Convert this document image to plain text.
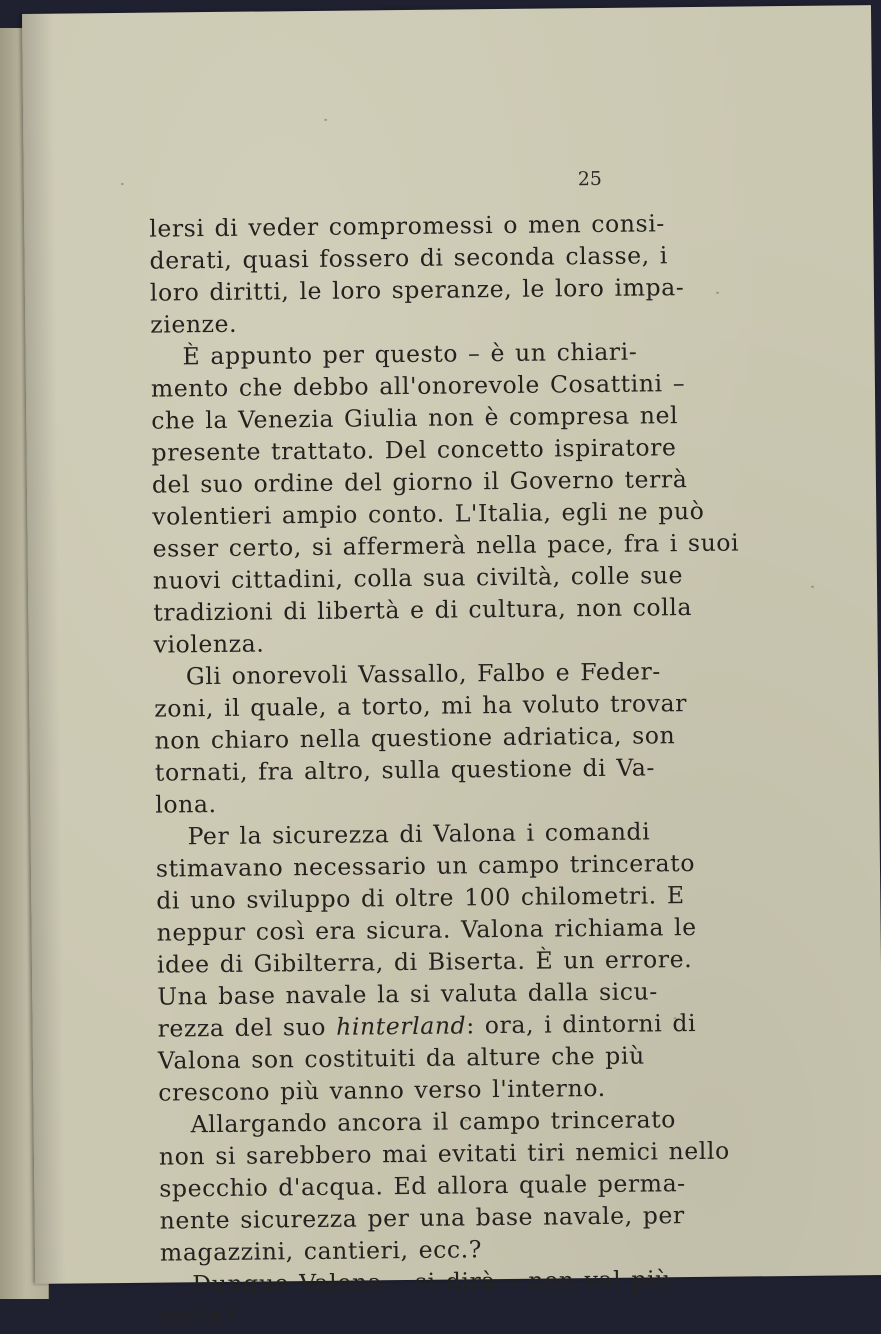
25

lersi di veder compromessi o men consi-
derati, quasi fossero di seconda classe, i
loro diritti, le loro speranze, le loro impa-
zienze.

È appunto per questo – è un chiari-
mento che debbo all'onorevole Cosattini –
che la Venezia Giulia non è compresa nel
presente trattato. Del concetto ispiratore
del suo ordine del giorno il Governo terrà
volentieri ampio conto. L'Italia, egli ne può
esser certo, si affermerà nella pace, fra i suoi
nuovi cittadini, colla sua civiltà, colle sue
tradizioni di libertà e di cultura, non colla
violenza.

Gli onorevoli Vassallo, Falbo e Feder-
zoni, il quale, a torto, mi ha voluto trovar
non chiaro nella questione adriatica, son
tornati, fra altro, sulla questione di Va-
lona.

Per la sicurezza di Valona i comandi
stimavano necessario un campo trincerato
di uno sviluppo di oltre 100 chilometri. E
neppur così era sicura. Valona richiama le
idee di Gibilterra, di Biserta. È un errore.
Una base navale la si valuta dalla sicu-
rezza del suo hinterland: ora, i dintorni di
Valona son costituiti da alture che più
crescono più vanno verso l'interno.

Allargando ancora il campo trincerato
non si sarebbero mai evitati tiri nemici nello
specchio d'acqua. Ed allora quale perma-
nente sicurezza per una base navale, per
magazzini, cantieri, ecc.?

Dunque Valona – si dirà – non val più
nulla?
